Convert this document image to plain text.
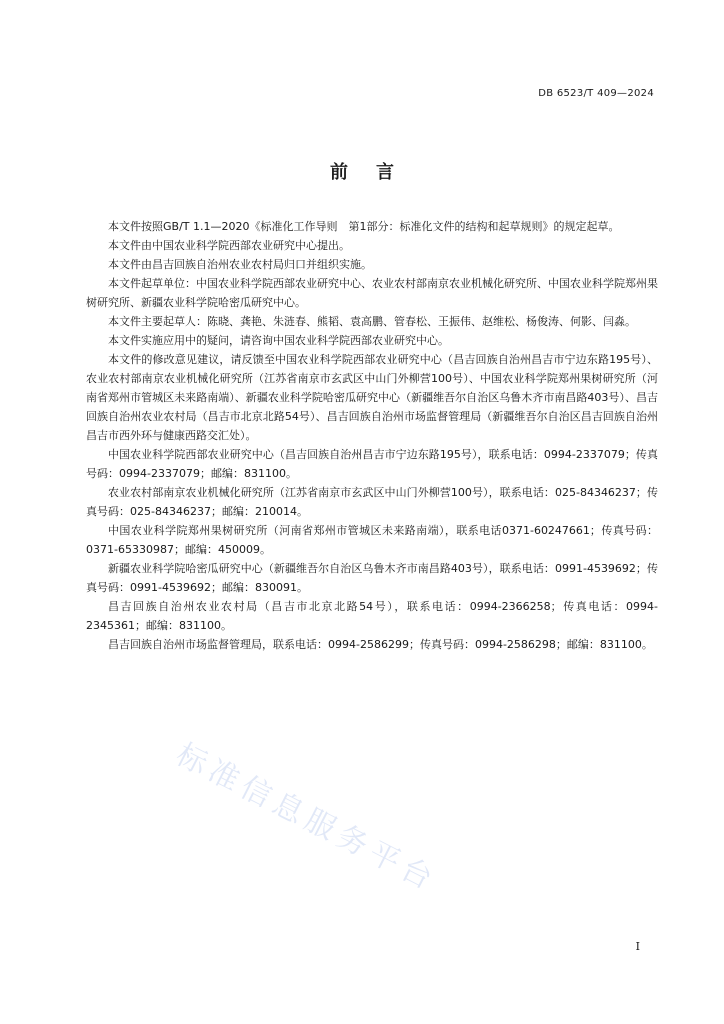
DB 6523/T 409—2024
前言

本文件按照GB/T 1.1—2020《标准化工作导则　第1部分：标准化文件的结构和起草规则》的规定起草。

本文件由中国农业科学院西部农业研究中心提出。

本文件由昌吉回族自治州农业农村局归口并组织实施。

本文件起草单位：中国农业科学院西部农业研究中心、农业农村部南京农业机械化研究所、中国农业科学院郑州果树研究所、新疆农业科学院哈密瓜研究中心。

本文件主要起草人：陈晓、龚艳、朱涟春、熊韬、袁高鹏、管春松、王振伟、赵维松、杨俊涛、何影、闫淼。

本文件实施应用中的疑问，请咨询中国农业科学院西部农业研究中心。

本文件的修改意见建议，请反馈至中国农业科学院西部农业研究中心（昌吉回族自治州昌吉市宁边东路195号）、农业农村部南京农业机械化研究所（江苏省南京市玄武区中山门外柳营100号）、中国农业科学院郑州果树研究所（河南省郑州市管城区未来路南端）、新疆农业科学院哈密瓜研究中心（新疆维吾尔自治区乌鲁木齐市南昌路403号）、昌吉回族自治州农业农村局（昌吉市北京北路54号）、昌吉回族自治州市场监督管理局（新疆维吾尔自治区昌吉回族自治州昌吉市西外环与健康西路交汇处）。

中国农业科学院西部农业研究中心（昌吉回族自治州昌吉市宁边东路195号），联系电话：0994-2337079；传真号码：0994-2337079；邮编：831100。

农业农村部南京农业机械化研究所（江苏省南京市玄武区中山门外柳营100号），联系电话：025-84346237；传真号码：025-84346237；邮编：210014。

中国农业科学院郑州果树研究所（河南省郑州市管城区未来路南端），联系电话0371-60247661；传真号码：0371-65330987；邮编：450009。

新疆农业科学院哈密瓜研究中心（新疆维吾尔自治区乌鲁木齐市南昌路403号），联系电话：0991-4539692；传真号码：0991-4539692；邮编：830091。

昌吉回族自治州农业农村局（昌吉市北京北路54号），联系电话：0994-2366258；传真电话：0994-2345361；邮编：831100。

昌吉回族自治州市场监督管理局，联系电话：0994-2586299；传真号码：0994-2586298；邮编：831100。

标准信息服务平台
I
